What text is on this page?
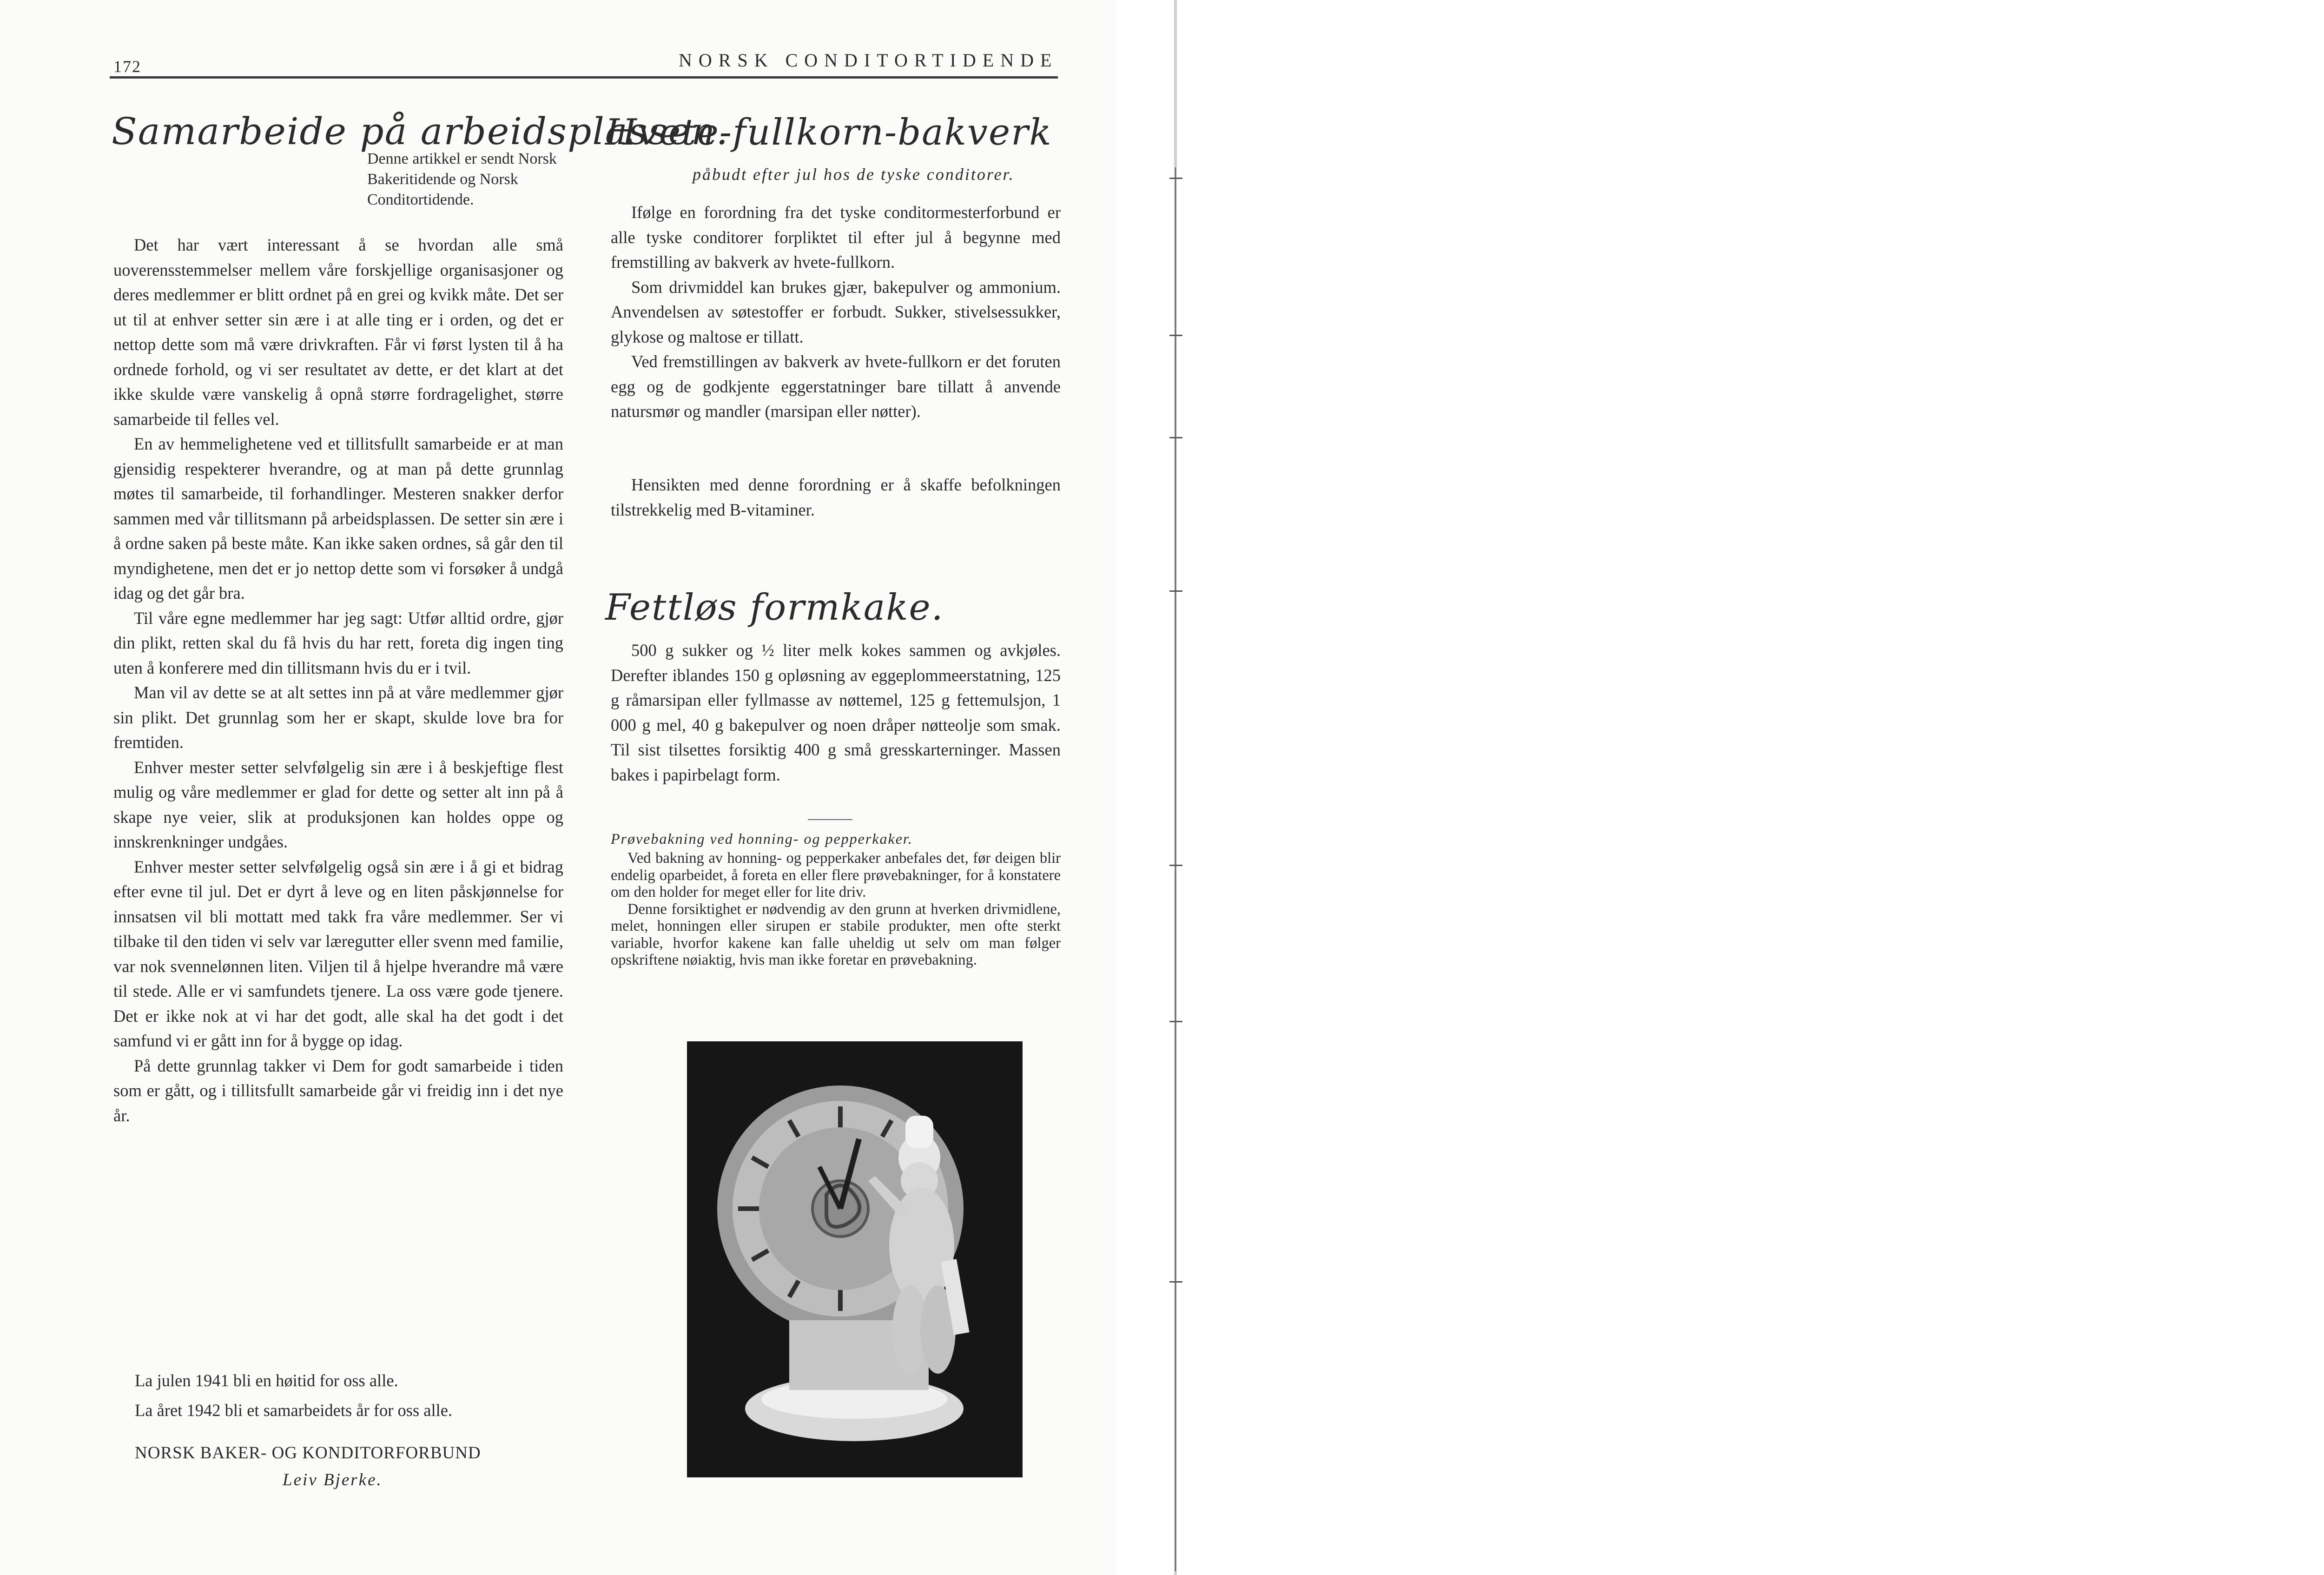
172	NORSK CONDITORTIDENDE
Samarbeide på arbeidsplassen.
Denne artikkel er sendt Norsk Bakeritidende og Norsk Conditortidende.

Det har vært interessant å se hvordan alle små uoverensstemmelser mellem våre forskjellige organisasjoner og deres medlemmer er blitt ordnet på en grei og kvikk måte. Det ser ut til at enhver setter sin ære i at alle ting er i orden, og det er nettop dette som må være drivkraften. Får vi først lysten til å ha ordnede forhold, og vi ser resultatet av dette, er det klart at det ikke skulde være vanskelig å opnå større fordragelighet, større samarbeide til felles vel.

En av hemmelighetene ved et tillitsfullt samarbeide er at man gjensidig respekterer hverandre, og at man på dette grunnlag møtes til samarbeide, til forhandlinger. Mesteren snakker derfor sammen med vår tillitsmann på arbeidsplassen. De setter sin ære i å ordne saken på beste måte. Kan ikke saken ordnes, så går den til myndighetene, men det er jo nettop dette som vi forsøker å undgå idag og det går bra.

Til våre egne medlemmer har jeg sagt: Utfør alltid ordre, gjør din plikt, retten skal du få hvis du har rett, foreta dig ingen ting uten å konferere med din tillitsmann hvis du er i tvil.

Man vil av dette se at alt settes inn på at våre medlemmer gjør sin plikt. Det grunnlag som her er skapt, skulde love bra for fremtiden.

Enhver mester setter selvfølgelig sin ære i å beskjeftige flest mulig og våre medlemmer er glad for dette og setter alt inn på å skape nye veier, slik at produksjonen kan holdes oppe og innskrenkninger undgåes.

Enhver mester setter selvfølgelig også sin ære i å gi et bidrag efter evne til jul. Det er dyrt å leve og en liten påskjønnelse for innsatsen vil bli mottatt med takk fra våre medlemmer. Ser vi tilbake til den tiden vi selv var læregutter eller svenn med familie, var nok svennelønnen liten. Viljen til å hjelpe hverandre må være til stede. Alle er vi samfundets tjenere. La oss være gode tjenere. Det er ikke nok at vi har det godt, alle skal ha det godt i det samfund vi er gått inn for å bygge op idag.

På dette grunnlag takker vi Dem for godt samarbeide i tiden som er gått, og i tillitsfullt samarbeide går vi freidig inn i det nye år.

La julen 1941 bli en høitid for oss alle.
La året 1942 bli et samarbeidets år for oss alle.
NORSK BAKER- OG KONDITORFORBUND
Leiv Bjerke.
Hvete-fullkorn-bakverk
påbudt efter jul hos de tyske conditorer.

Ifølge en forordning fra det tyske conditormesterforbund er alle tyske conditorer forpliktet til efter jul å begynne med fremstilling av bakverk av hvete-fullkorn.

Som drivmiddel kan brukes gjær, bakepulver og ammonium. Anvendelsen av søtestoffer er forbudt. Sukker, stivelsessukker, glykose og maltose er tillatt.

Ved fremstillingen av bakverk av hvete-fullkorn er det foruten egg og de godkjente eggerstatninger bare tillatt å anvende natursmør og mandler (marsipan eller nøtter).

Hensikten med denne forordning er å skaffe befolkningen tilstrekkelig med B-vitaminer.

Fettløs formkake.

500 g sukker og ½ liter melk kokes sammen og avkjøles. Derefter iblandes 150 g opløsning av eggeplommeerstatning, 125 g råmarsipan eller fyllmasse av nøttemel, 125 g fettemulsjon, 1 000 g mel, 40 g bakepulver og noen dråper nøtteolje som smak. Til sist tilsettes forsiktig 400 g små gresskarterninger. Massen bakes i papirbelagt form.

Prøvebakning ved honning- og pepperkaker.

Ved bakning av honning- og pepperkaker anbefales det, før deigen blir endelig oparbeidet, å foreta en eller flere prøvebakninger, for å konstatere om den holder for meget eller for lite driv.

Denne forsiktighet er nødvendig av den grunn at hverken drivmidlene, melet, honningen eller sirupen er stabile produkter, men ofte sterkt variable, hvorfor kakene kan falle uheldig ut selv om man følger opskriftene nøiaktig, hvis man ikke foretar en prøvebakning.
